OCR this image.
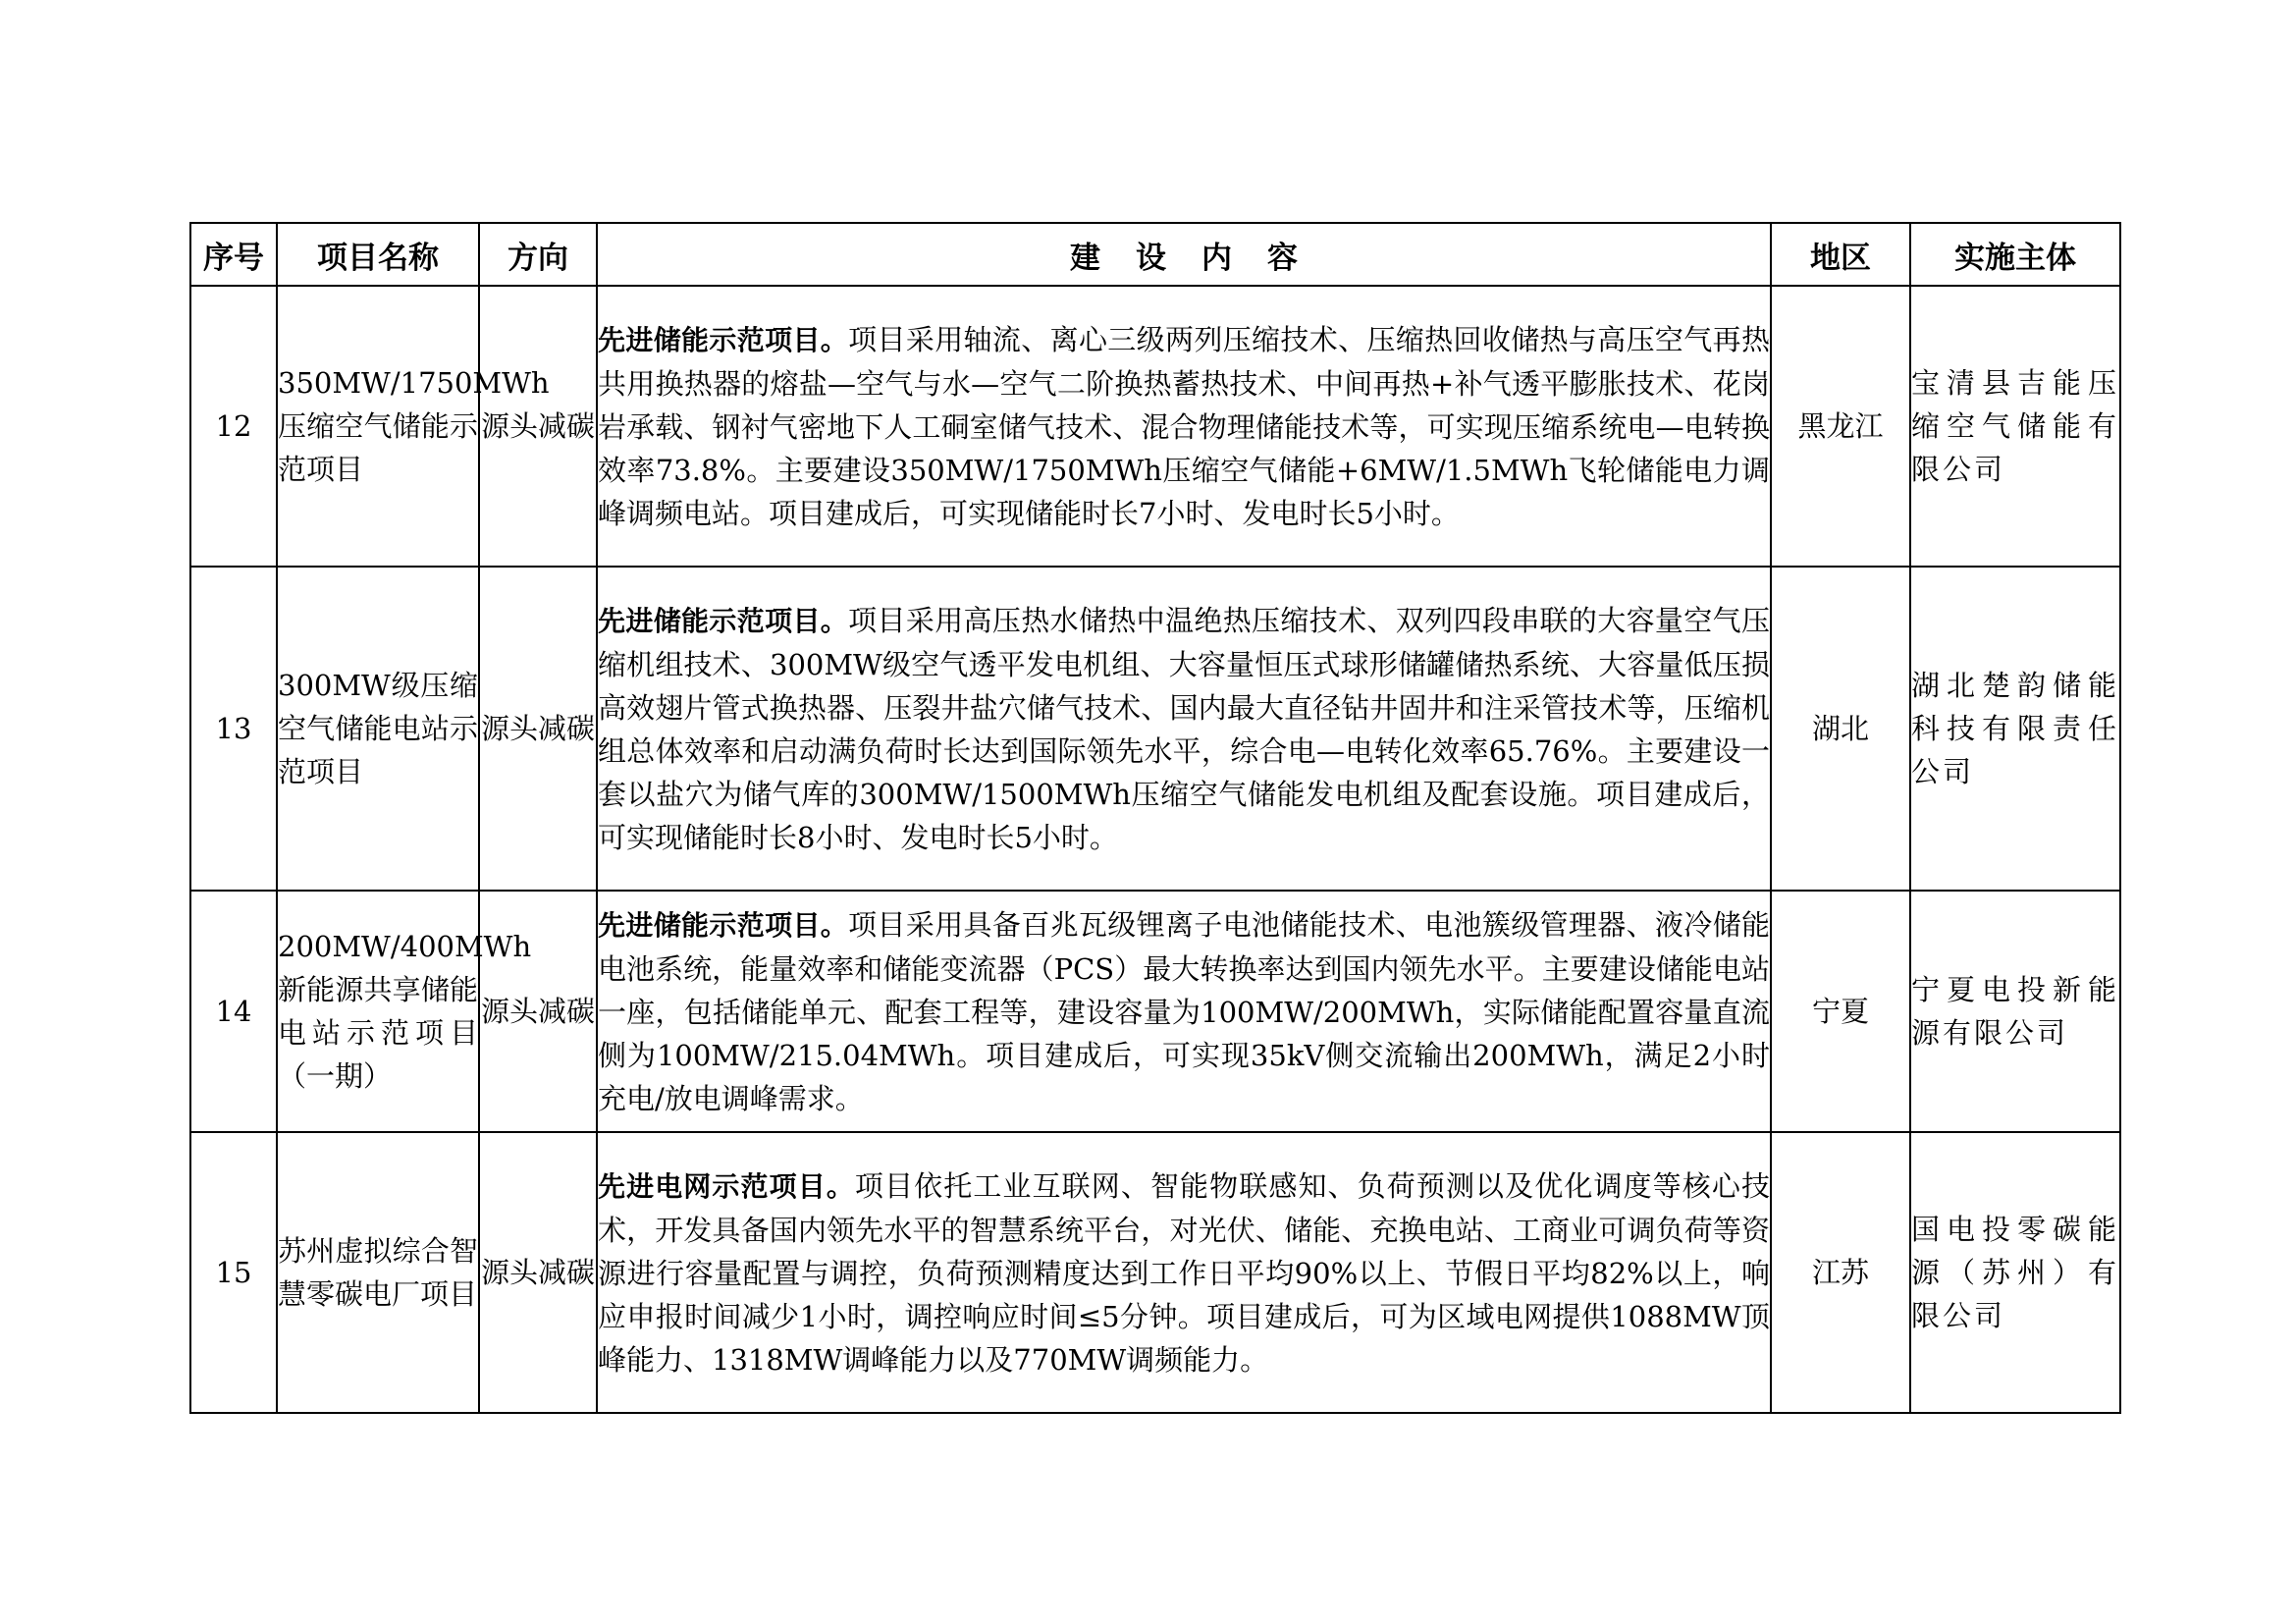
序号	项目名称	方向	建设内容	地区	实施主体
12	350MW/1750MWh压缩空气储能示范项目	源头减碳	先进储能示范项目。项目采用轴流、离心三级两列压缩技术、压缩热回收储热与高压空气再热共用换热器的熔盐—空气与水—空气二阶换热蓄热技术、中间再热+补气透平膨胀技术、花岗岩承载、钢衬气密地下人工硐室储气技术、混合物理储能技术等，可实现压缩系统电—电转换效率73.8%。主要建设350MW/1750MWh压缩空气储能+6MW/1.5MWh飞轮储能电力调峰调频电站。项目建成后，可实现储能时长7小时、发电时长5小时。	黑龙江	宝清县吉能压缩空气储能有限公司
13	300MW级压缩空气储能电站示范项目	源头减碳	先进储能示范项目。项目采用高压热水储热中温绝热压缩技术、双列四段串联的大容量空气压缩机组技术、300MW级空气透平发电机组、大容量恒压式球形储罐储热系统、大容量低压损高效翅片管式换热器、压裂井盐穴储气技术、国内最大直径钻井固井和注采管技术等，压缩机组总体效率和启动满负荷时长达到国际领先水平，综合电—电转化效率65.76%。主要建设一套以盐穴为储气库的300MW/1500MWh压缩空气储能发电机组及配套设施。项目建成后，可实现储能时长8小时、发电时长5小时。	湖北	湖北楚韵储能科技有限责任公司
14	200MW/400MWh新能源共享储能电站示范项目（一期）	源头减碳	先进储能示范项目。项目采用具备百兆瓦级锂离子电池储能技术、电池簇级管理器、液冷储能电池系统，能量效率和储能变流器（PCS）最大转换率达到国内领先水平。主要建设储能电站一座，包括储能单元、配套工程等，建设容量为100MW/200MWh，实际储能配置容量直流侧为100MW/215.04MWh。项目建成后，可实现35kV侧交流输出200MWh，满足2小时充电/放电调峰需求。	宁夏	宁夏电投新能源有限公司
15	苏州虚拟综合智慧零碳电厂项目	源头减碳	先进电网示范项目。项目依托工业互联网、智能物联感知、负荷预测以及优化调度等核心技术，开发具备国内领先水平的智慧系统平台，对光伏、储能、充换电站、工商业可调负荷等资源进行容量配置与调控，负荷预测精度达到工作日平均90%以上、节假日平均82%以上，响应申报时间减少1小时，调控响应时间≤5分钟。项目建成后，可为区域电网提供1088MW顶峰能力、1318MW调峰能力以及770MW调频能力。	江苏	国电投零碳能源（苏州）有限公司
